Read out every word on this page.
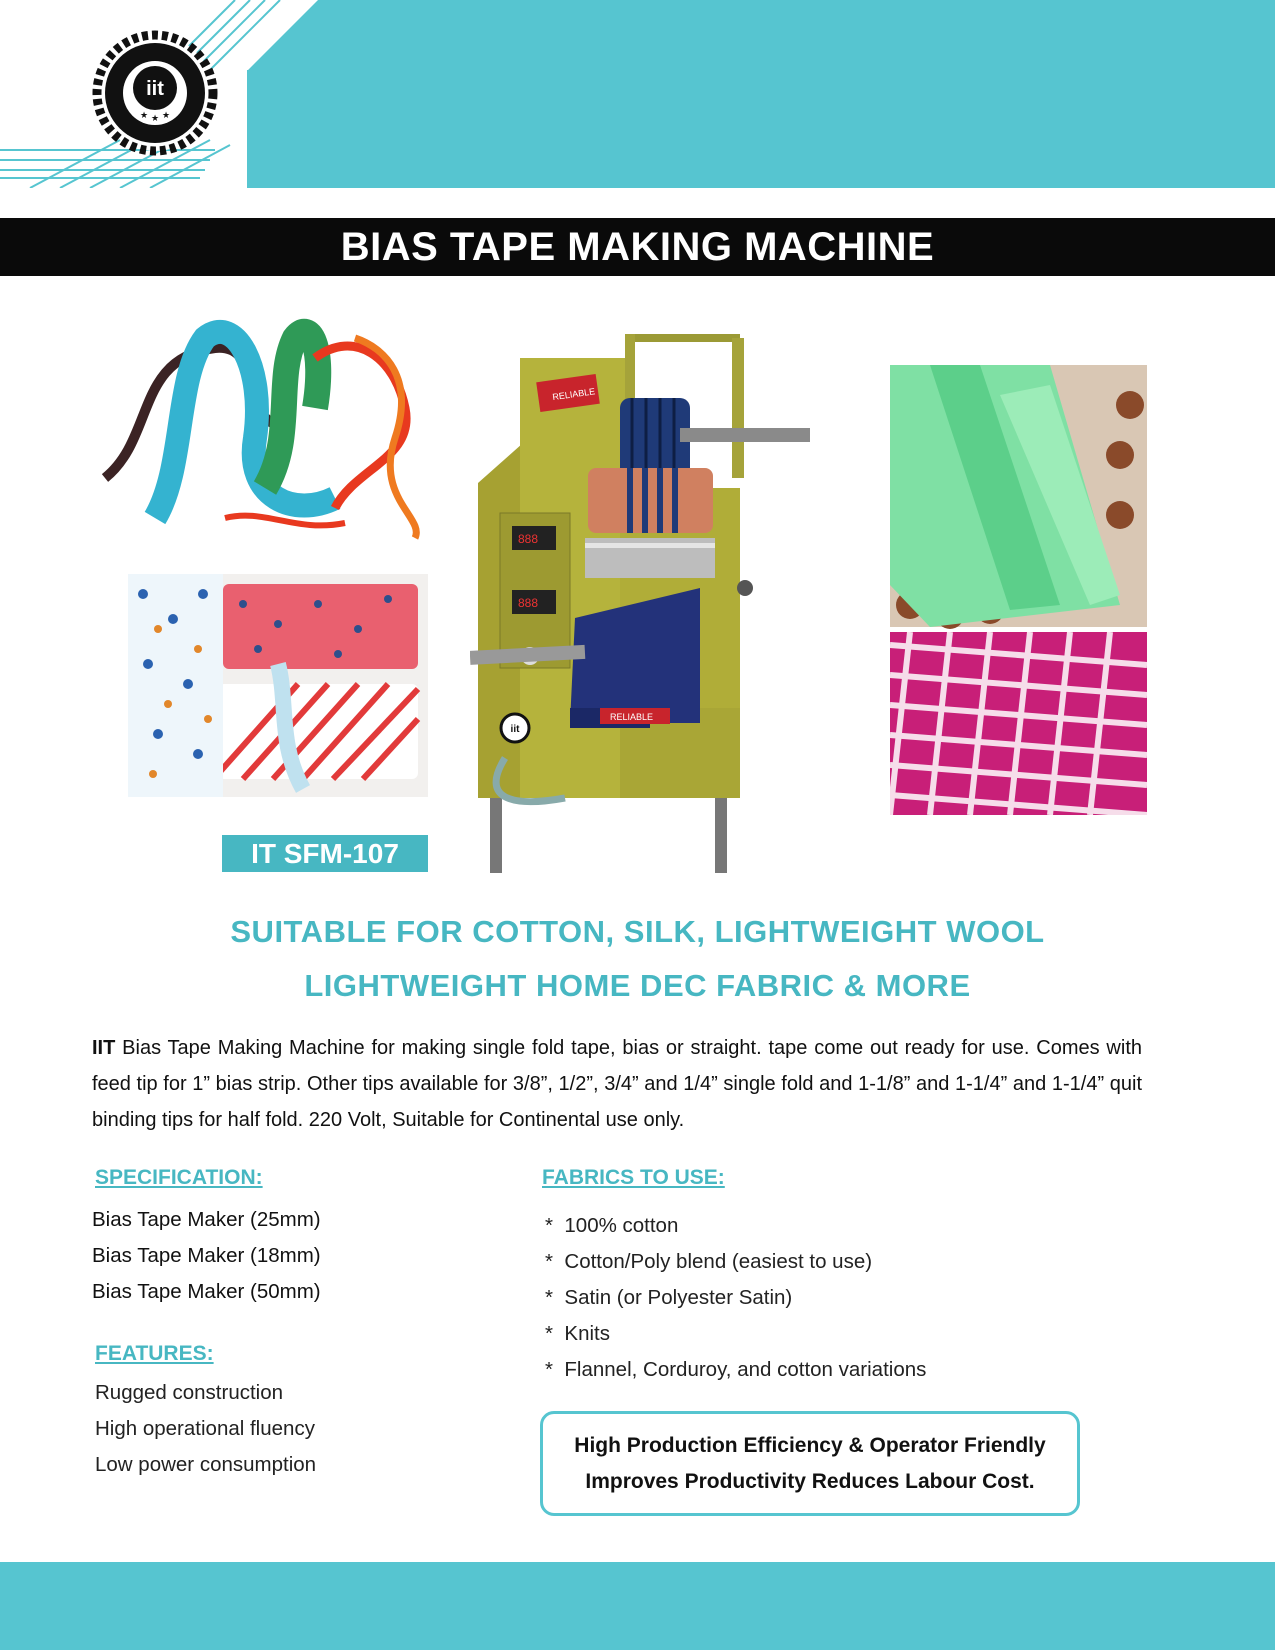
iit
★ ★ ★
BIAS TAPE MAKING MACHINE
IT SFM-107
RELIABLE
888
888
RELIABLE
iit
SUITABLE FOR COTTON, SILK, LIGHTWEIGHT WOOL
LIGHTWEIGHT HOME DEC FABRIC & MORE
IIT Bias Tape Making Machine for making single fold tape, bias or straight. tape come out ready for use. Comes with feed tip for 1” bias strip. Other tips available for 3/8”, 1/2”, 3/4” and 1/4” single fold and 1-1/8” and 1-1/4” and 1-1/4” quit binding tips for half fold. 220 Volt, Suitable for Continental use only.
SPECIFICATION:
Bias Tape Maker (25mm)
Bias Tape Maker (18mm)
Bias Tape Maker (50mm)
FEATURES:
Rugged construction
High operational fluency
Low power consumption
FABRICS TO USE:
* 100% cotton
* Cotton/Poly blend (easiest to use)
* Satin (or Polyester Satin)
* Knits
* Flannel, Corduroy, and cotton variations
High Production Efficiency & Operator Friendly
Improves Productivity Reduces Labour Cost.
